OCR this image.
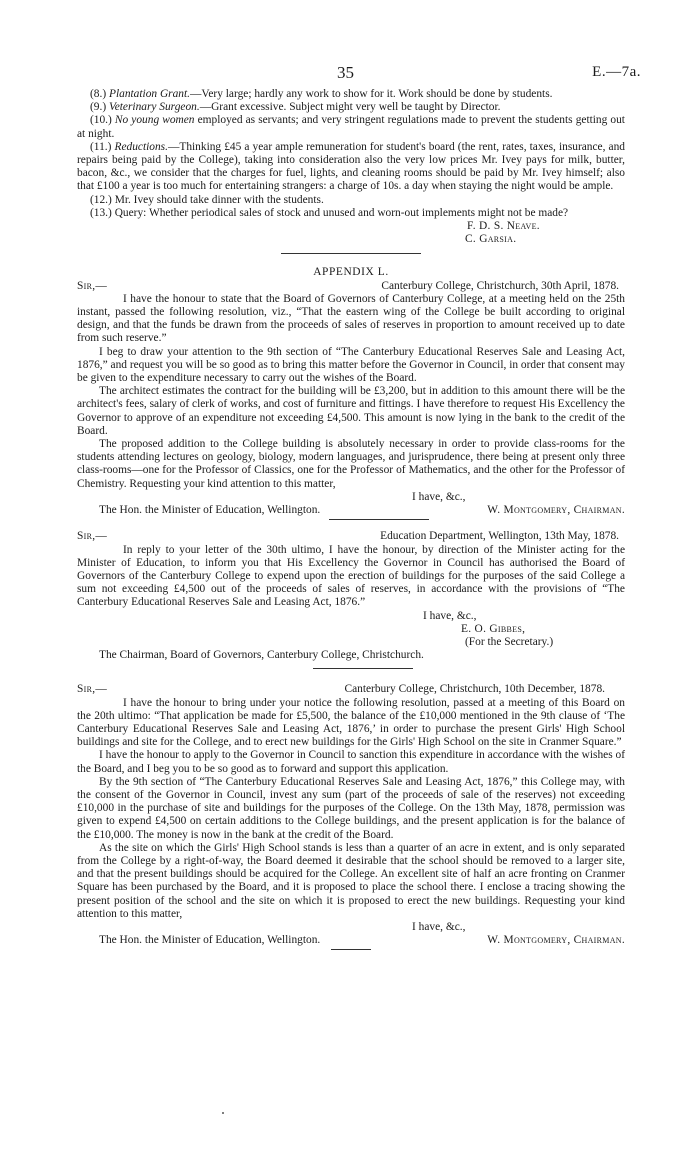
35	E.—7a.

(8.) Plantation Grant.—Very large; hardly any work to show for it. Work should be done by students.

(9.) Veterinary Surgeon.—Grant excessive. Subject might very well be taught by Director.

(10.) No young women employed as servants; and very stringent regulations made to prevent the students getting out at night.

(11.) Reductions.—Thinking £45 a year ample remuneration for student's board (the rent, rates, taxes, insurance, and repairs being paid by the College), taking into consideration also the very low prices Mr. Ivey pays for milk, butter, bacon, &c., we consider that the charges for fuel, lights, and cleaning rooms should be paid by Mr. Ivey himself; also that £100 a year is too much for entertaining strangers: a charge of 10s. a day when staying the night would be ample.

(12.) Mr. Ivey should take dinner with the students.

(13.) Query: Whether periodical sales of stock and unused and worn-out implements might not be made?

F. D. S. Neave.

C. Garsia.

APPENDIX L.

Sir,—	Canterbury College, Christchurch, 30th April, 1878.

I have the honour to state that the Board of Governors of Canterbury College, at a meeting held on the 25th instant, passed the following resolution, viz., “That the eastern wing of the College be built according to original design, and that the funds be drawn from the proceeds of sales of reserves in proportion to amount received up to date from such reserve.”

I beg to draw your attention to the 9th section of “The Canterbury Educational Reserves Sale and Leasing Act, 1876,” and request you will be so good as to bring this matter before the Governor in Council, in order that consent may be given to the expenditure necessary to carry out the wishes of the Board.

The architect estimates the contract for the building will be £3,200, but in addition to this amount there will be the architect's fees, salary of clerk of works, and cost of furniture and fittings. I have therefore to request His Excellency the Governor to approve of an expenditure not exceeding £4,500. This amount is now lying in the bank to the credit of the Board.

The proposed addition to the College building is absolutely necessary in order to provide class-rooms for the students attending lectures on geology, biology, modern languages, and jurisprudence, there being at present only three class-rooms—one for the Professor of Classics, one for the Professor of Mathematics, and the other for the Professor of Chemistry. Requesting your kind attention to this matter,

I have, &c.,

The Hon. the Minister of Education, Wellington.	W. Montgomery, Chairman.
Sir,—	Education Department, Wellington, 13th May, 1878.

In reply to your letter of the 30th ultimo, I have the honour, by direction of the Minister acting for the Minister of Education, to inform you that His Excellency the Governor in Council has authorised the Board of Governors of the Canterbury College to expend upon the erection of buildings for the purposes of the said College a sum not exceeding £4,500 out of the proceeds of sales of reserves, in accordance with the provisions of “The Canterbury Educational Reserves Sale and Leasing Act, 1876.”

I have, &c.,

E. O. Gibbes,

(For the Secretary.)

The Chairman, Board of Governors, Canterbury College, Christchurch.

Sir,—	Canterbury College, Christchurch, 10th December, 1878.

I have the honour to bring under your notice the following resolution, passed at a meeting of this Board on the 20th ultimo: “That application be made for £5,500, the balance of the £10,000 mentioned in the 9th clause of ‘The Canterbury Educational Reserves Sale and Leasing Act, 1876,’ in order to purchase the present Girls' High School buildings and site for the College, and to erect new buildings for the Girls' High School on the site in Cranmer Square.”

I have the honour to apply to the Governor in Council to sanction this expenditure in accordance with the wishes of the Board, and I beg you to be so good as to forward and support this application.

By the 9th section of “The Canterbury Educational Reserves Sale and Leasing Act, 1876,” this College may, with the consent of the Governor in Council, invest any sum (part of the proceeds of sale of the reserves) not exceeding £10,000 in the purchase of site and buildings for the purposes of the College. On the 13th May, 1878, permission was given to expend £4,500 on certain additions to the College buildings, and the present application is for the balance of the £10,000. The money is now in the bank at the credit of the Board.

As the site on which the Girls' High School stands is less than a quarter of an acre in extent, and is only separated from the College by a right-of-way, the Board deemed it desirable that the school should be removed to a larger site, and that the present buildings should be acquired for the College. An excellent site of half an acre fronting on Cranmer Square has been purchased by the Board, and it is proposed to place the school there. I enclose a tracing showing the present position of the school and the site on which it is proposed to erect the new buildings. Requesting your kind attention to this matter,

I have, &c.,

The Hon. the Minister of Education, Wellington.	W. Montgomery, Chairman.
